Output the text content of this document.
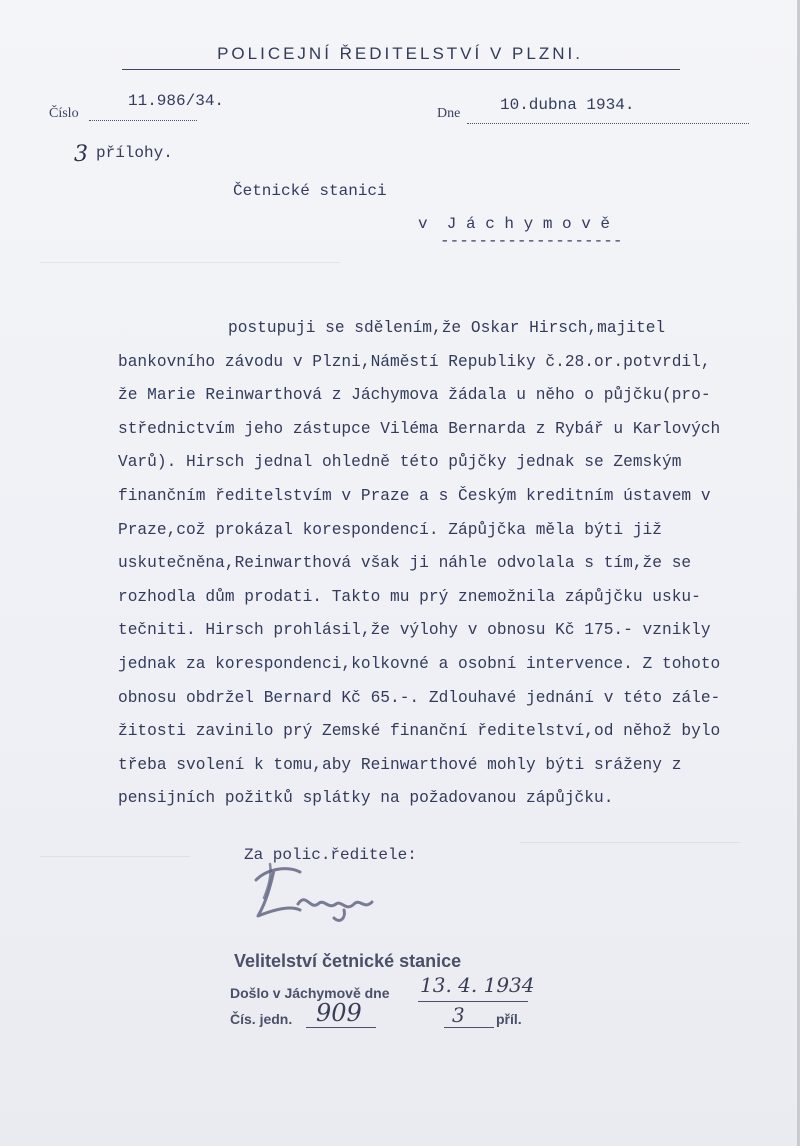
POLICEJNÍ ŘEDITELSTVÍ V PLZNI.
Číslo
11.986/34.
Dne 10.dubna 1934.
3 přílohy.
Četnické stanici
v  J á c h y m o v ě
-------------------
postupuji se sdělením,že Oskar Hirsch,majitel
bankovního závodu v Plzni,Náměstí Republiky č.28.or.potvrdil,
že Marie Reinwarthová z Jáchymova žádala u něho o půjčku(pro-
střednictvím jeho zástupce Viléma Bernarda z Rybář u Karlových
Varů). Hirsch jednal ohledně této půjčky jednak se Zemským
finančním ředitelstvím v Praze a s Českým kreditním ústavem v
Praze,což prokázal korespondencí. Zápůjčka měla býti již
uskutečněna,Reinwarthová však ji náhle odvolala s tím,že se
rozhodla dům prodati. Takto mu prý znemožnila zápůjčku usku-
tečniti. Hirsch prohlásil,že výlohy v obnosu Kč 175.- vznikly
jednak za korespondenci,kolkovné a osobní intervence. Z tohoto
obnosu obdržel Bernard Kč 65.-. Zdlouhavé jednání v této zále-
žitosti zavinilo prý Zemské finanční ředitelství,od něhož bylo
třeba svolení k tomu,aby Reinwarthové mohly býti sráženy z
pensijních požitků splátky na požadovanou zápůjčku.
Za polic.ředitele:
Velitelství četnické stanice
Došlo v Jáchymově dne 13. 4. 1934
Čís. jedn. 909	3 příl.
